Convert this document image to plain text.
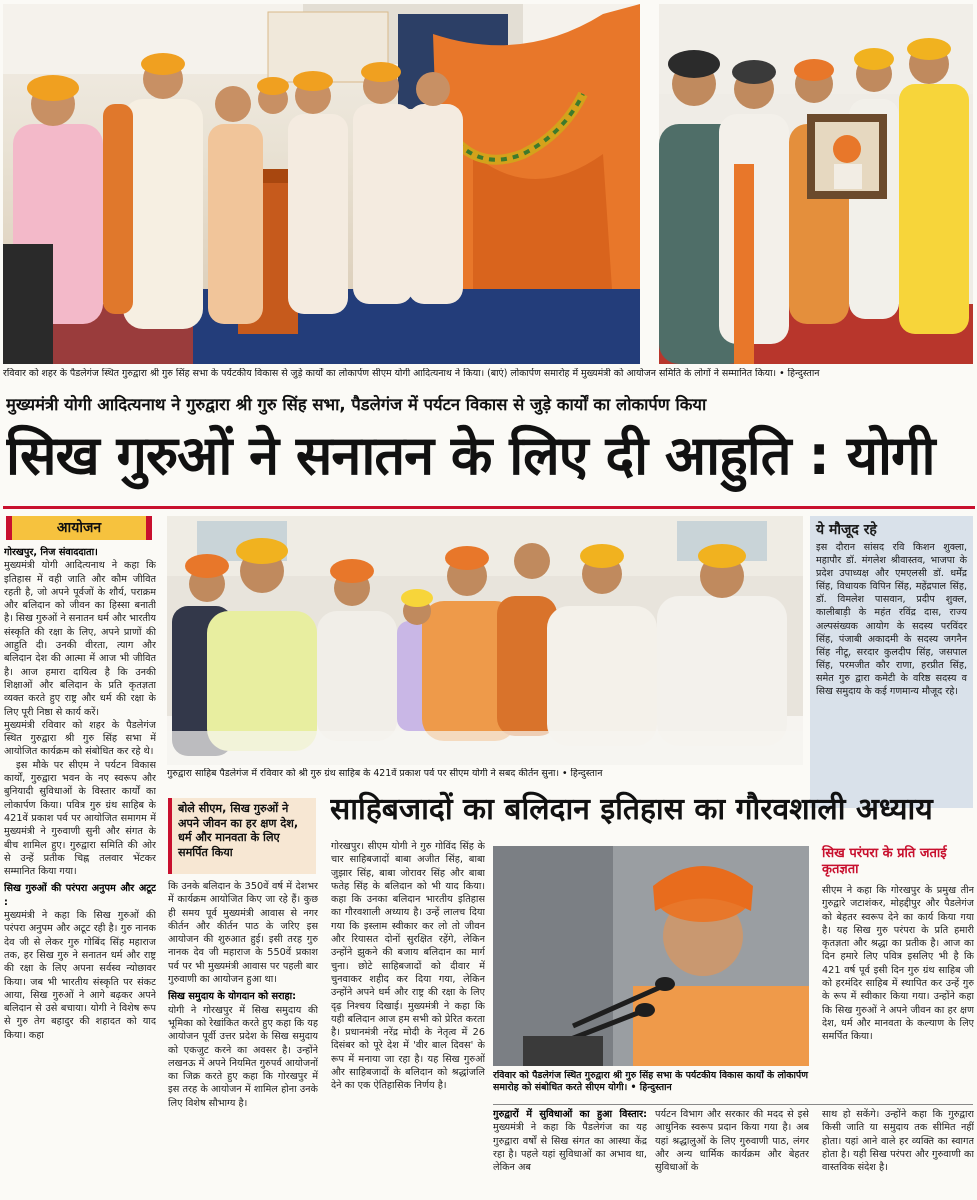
रविवार को शहर के पैडलेगंज स्थित गुरुद्वारा श्री गुरु सिंह सभा के पर्यटकीय विकास से जुड़े कार्यों का लोकार्पण सीएम योगी आदित्यनाथ ने किया। (बाएं) लोकार्पण समारोह में मुख्यमंत्री को आयोजन समिति के लोगों ने सम्मानित किया। • हिन्दुस्तान
मुख्यमंत्री योगी आदित्यनाथ ने गुरुद्वारा श्री गुरु सिंह सभा, पैडलेगंज में पर्यटन विकास से जुड़े कार्यों का लोकार्पण किया
सिख गुरुओं ने सनातन के लिए दी आहुति : योगी
आयोजन

गोरखपुर, निज संवाददाता।

मुख्यमंत्री योगी आदित्यनाथ ने कहा कि इतिहास में वही जाति और कौम जीवित रहती है, जो अपने पूर्वजों के शौर्य, पराक्रम और बलिदान को जीवन का हिस्सा बनाती है। सिख गुरुओं ने सनातन धर्म और भारतीय संस्कृति की रक्षा के लिए, अपने प्राणों की आहुति दी। उनकी वीरता, त्याग और बलिदान देश की आत्मा में आज भी जीवित है। आज हमारा दायित्व है कि उनकी शिक्षाओं और बलिदान के प्रति कृतज्ञता व्यक्त करते हुए राष्ट्र और धर्म की रक्षा के लिए पूरी निष्ठा से कार्य करें।

मुख्यमंत्री रविवार को शहर के पैडलेगंज स्थित गुरुद्वारा श्री गुरु सिंह सभा में आयोजित कार्यक्रम को संबोधित कर रहे थे।

इस मौके पर सीएम ने पर्यटन विकास कार्यों, गुरुद्वारा भवन के नए स्वरूप और बुनियादी सुविधाओं के विस्तार कार्यों का लोकार्पण किया। पवित्र गुरु ग्रंथ साहिब के 421वें प्रकाश पर्व पर आयोजित समागम में मुख्यमंत्री ने गुरुवाणी सुनी और संगत के बीच शामिल हुए। गुरुद्वारा समिति की ओर से उन्हें प्रतीक चिह्न तलवार भेंटकर सम्मानित किया गया।

सिख गुरुओं की परंपरा अनुपम और अटूट :

मुख्यमंत्री ने कहा कि सिख गुरुओं की परंपरा अनुपम और अटूट रही है। गुरु नानक देव जी से लेकर गुरु गोबिंद सिंह महाराज तक, हर सिख गुरु ने सनातन धर्म और राष्ट्र की रक्षा के लिए अपना सर्वस्व न्योछावर किया। जब भी भारतीय संस्कृति पर संकट आया, सिख गुरुओं ने आगे बढ़कर अपने बलिदान से उसे बचाया। योगी ने विशेष रूप से गुरु तेग बहादुर की शहादत को याद किया। कहा

गुरुद्वारा साहिब पैडलेगंज में रविवार को श्री गुरु ग्रंथ साहिब के 421वें प्रकाश पर्व पर सीएम योगी ने सबद कीर्तन सुना। • हिन्दुस्तान
ये मौजूद रहे
इस दौरान सांसद रवि किशन शुक्ला, महापौर डॉ. मंगलेश श्रीवास्तव, भाजपा के प्रदेश उपाध्यक्ष और एमएलसी डॉ. धर्मेंद्र सिंह, विधायक विपिन सिंह, महेंद्रपाल सिंह, डॉ. विमलेश पासवान, प्रदीप शुक्ल, कालीबाड़ी के महंत रविंद्र दास, राज्य अल्पसंख्यक आयोग के सदस्य परविंदर सिंह, पंजाबी अकादमी के सदस्य जगनैन सिंह नीटू, सरदार कुलदीप सिंह, जसपाल सिंह, परमजीत कौर राणा, हरप्रीत सिंह, समेत गुरु द्वारा कमेटी के वरिष्ठ सदस्य व सिख समुदाय के कई गणमान्य मौजूद रहे।
बोले सीएम, सिख गुरुओं ने अपने जीवन का हर क्षण देश, धर्म और मानवता के लिए समर्पित किया

कि उनके बलिदान के 350वें वर्ष में देशभर में कार्यक्रम आयोजित किए जा रहे हैं। कुछ ही समय पूर्व मुख्यमंत्री आवास से नगर कीर्तन और कीर्तन पाठ के जरिए इस आयोजन की शुरुआत हुई। इसी तरह गुरु नानक देव जी महाराज के 550वें प्रकाश पर्व पर भी मुख्यमंत्री आवास पर पहली बार गुरुवाणी का आयोजन हुआ था।

सिख समुदाय के योगदान को सराहा:

योगी ने गोरखपुर में सिख समुदाय की भूमिका को रेखांकित करते हुए कहा कि यह आयोजन पूर्वी उत्तर प्रदेश के सिख समुदाय को एकजुट करने का अवसर है। उन्होंने लखनऊ में अपने नियमित गुरुपर्व आयोजनों का जिक्र करते हुए कहा कि गोरखपुर में इस तरह के आयोजन में शामिल होना उनके लिए विशेष सौभाग्य है।

साहिबजादों का बलिदान इतिहास का गौरवशाली अध्याय

गोरखपुर। सीएम योगी ने गुरु गोविंद सिंह के चार साहिबजादों बाबा अजीत सिंह, बाबा जुझार सिंह, बाबा जोरावर सिंह और बाबा फतेह सिंह के बलिदान को भी याद किया। कहा कि उनका बलिदान भारतीय इतिहास का गौरवशाली अध्याय है। उन्हें लालच दिया गया कि इस्लाम स्वीकार कर लो तो जीवन और रियासत दोनों सुरक्षित रहेंगे, लेकिन उन्होंने झुकने की बजाय बलिदान का मार्ग चुना। छोटे साहिबजादों को दीवार में चुनवाकर शहीद कर दिया गया, लेकिन उन्होंने अपने धर्म और राष्ट्र की रक्षा के लिए दृढ़ निश्चय दिखाई। मुख्यमंत्री ने कहा कि यही बलिदान आज हम सभी को प्रेरित करता है। प्रधानमंत्री नरेंद्र मोदी के नेतृत्व में 26 दिसंबर को पूरे देश में 'वीर बाल दिवस' के रूप में मनाया जा रहा है। यह सिख गुरुओं और साहिबजादों के बलिदान को श्रद्धांजलि देने का एक ऐतिहासिक निर्णय है।

रविवार को पैडलेगंज स्थित गुरुद्वारा श्री गुरु सिंह सभा के पर्यटकीय विकास कार्यों के लोकार्पण समारोह को संबोधित करते सीएम योगी। • हिन्दुस्तान
सिख परंपरा के प्रति जताई कृतज्ञता
सीएम ने कहा कि गोरखपुर के प्रमुख तीन गुरुद्वारे जटाशंकर, मोहद्दीपुर और पैडलेगंज को बेहतर स्वरूप देने का कार्य किया गया है। यह सिख गुरु परंपरा के प्रति हमारी कृतज्ञता और श्रद्धा का प्रतीक है। आज का दिन हमारे लिए पवित्र इसलिए भी है कि 421 वर्ष पूर्व इसी दिन गुरु ग्रंथ साहिब जी को हरमंदिर साहिब में स्थापित कर उन्हें गुरु के रूप में स्वीकार किया गया। उन्होंने कहा कि सिख गुरुओं ने अपने जीवन का हर क्षण देश, धर्म और मानवता के कल्याण के लिए समर्पित किया।

गुरुद्वारों में सुविधाओं का हुआ विस्तार: मुख्यमंत्री ने कहा कि पैडलेगंज का यह गुरुद्वारा वर्षों से सिख संगत का आस्था केंद्र रहा है। पहले यहां सुविधाओं का अभाव था, लेकिन अब

पर्यटन विभाग और सरकार की मदद से इसे आधुनिक स्वरूप प्रदान किया गया है। अब यहां श्रद्धालुओं के लिए गुरुवाणी पाठ, लंगर और अन्य धार्मिक कार्यक्रम और बेहतर सुविधाओं के
साथ हो सकेंगे। उन्होंने कहा कि गुरुद्वारा किसी जाति या समुदाय तक सीमित नहीं होता। यहां आने वाले हर व्यक्ति का स्वागत होता है। यही सिख परंपरा और गुरुवाणी का वास्तविक संदेश है।
